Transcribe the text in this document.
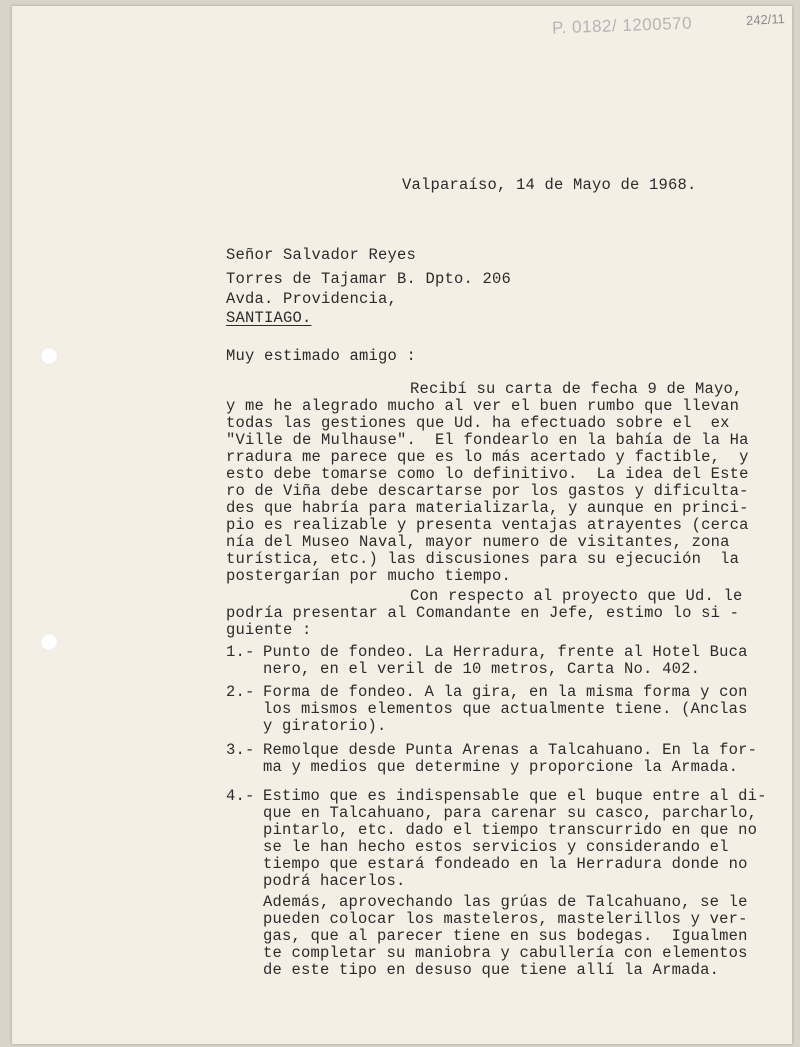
P. 0182/ 1200570	242/11

Valparaíso, 14 de Mayo de 1968.

Señor Salvador Reyes

Torres de Tajamar B. Dpto. 206

Avda. Providencia,

SANTIAGO.

Muy estimado amigo :

Recibí su carta de fecha 9 de Mayo,

y me he alegrado mucho al ver el buen rumbo que llevan

todas las gestiones que Ud. ha efectuado sobre el  ex

"Ville de Mulhause".  El fondearlo en la bahía de la Ha

rradura me parece que es lo más acertado y factible,  y

esto debe tomarse como lo definitivo.  La idea del Este

ro de Viña debe descartarse por los gastos y dificulta-

des que habría para materializarla, y aunque en princi-

pio es realizable y presenta ventajas atrayentes (cerca

nía del Museo Naval, mayor numero de visitantes, zona

turística, etc.) las discusiones para su ejecución  la

postergarían por mucho tiempo.

Con respecto al proyecto que Ud. le

podría presentar al Comandante en Jefe, estimo lo si -

guiente :

1.- Punto de fondeo. La Herradura, frente al Hotel Buca

nero, en el veril de 10 metros, Carta No. 402.

2.- Forma de fondeo. A la gira, en la misma forma y con

los mismos elementos que actualmente tiene. (Anclas

y giratorio).

3.- Remolque desde Punta Arenas a Talcahuano. En la for-

ma y medios que determine y proporcione la Armada.

4.- Estimo que es indispensable que el buque entre al di-

que en Talcahuano, para carenar su casco, parcharlo,

pintarlo, etc. dado el tiempo transcurrido en que no

se le han hecho estos servicios y considerando el

tiempo que estará fondeado en la Herradura donde no

podrá hacerlos.

Además, aprovechando las grúas de Talcahuano, se le

pueden colocar los masteleros, mastelerillos y ver-

gas, que al parecer tiene en sus bodegas.  Igualmen

te completar su maniobra y cabullería con elementos

de este tipo en desuso que tiene allí la Armada.
